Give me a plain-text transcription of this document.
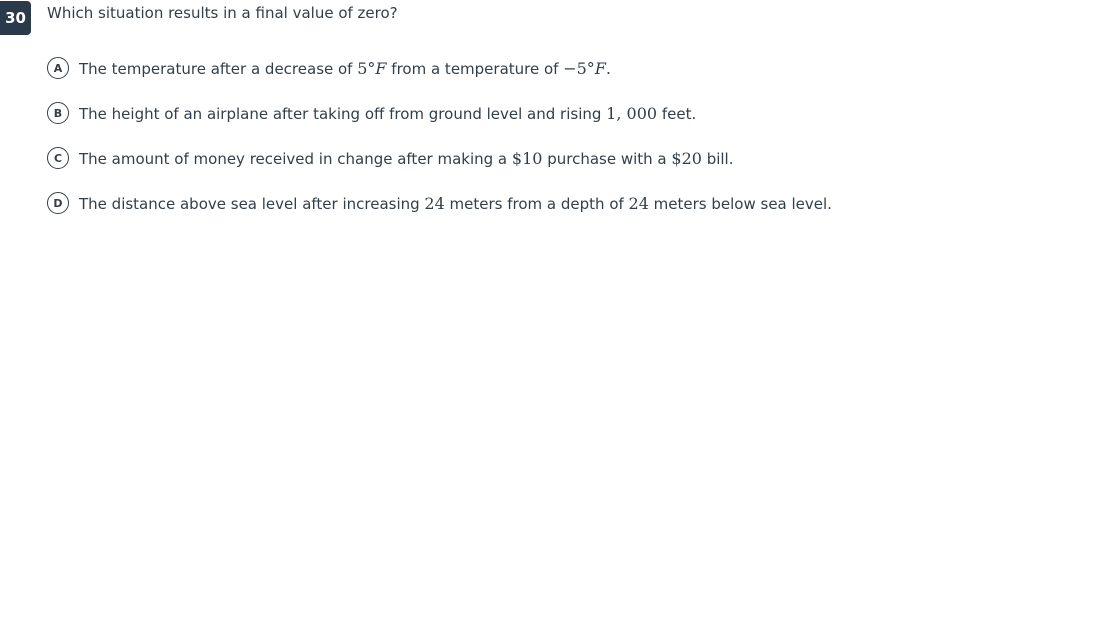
30	Which situation results in a final value of zero?
A	The temperature after a decrease of 5°F from a temperature of −5°F.
B	The height of an airplane after taking off from ground level and rising 1, 000 feet.
C	The amount of money received in change after making a $10 purchase with a $20 bill.
D	The distance above sea level after increasing 24 meters from a depth of 24 meters below sea level.
